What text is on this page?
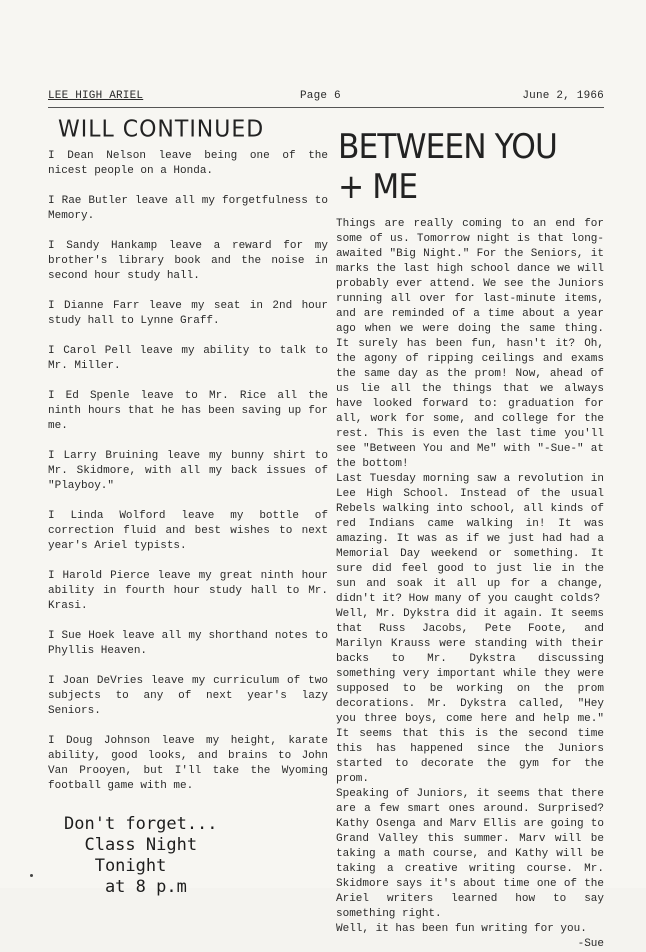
LEE HIGH ARIEL	Page 6	June 2, 1966
WILL CONTINUED

I Dean Nelson leave being one of the nicest people on a Honda.

I Rae Butler leave all my forgetfulness to Memory.

I Sandy Hankamp leave a reward for my brother's library book and the noise in second hour study hall.

I Dianne Farr leave my seat in 2nd hour study hall to Lynne Graff.

I Carol Pell leave my ability to talk to Mr. Miller.

I Ed Spenle leave to Mr. Rice all the ninth hours that he has been saving up for me.

I Larry Bruining leave my bunny shirt to Mr. Skidmore, with all my back issues of "Playboy."

I Linda Wolford leave my bottle of correction fluid and best wishes to next year's Ariel typists.

I Harold Pierce leave my great ninth hour ability in fourth hour study hall to Mr. Krasi.

I Sue Hoek leave all my shorthand notes to Phyllis Heaven.

I Joan DeVries leave my curriculum of two subjects to any of next year's lazy Seniors.

I Doug Johnson leave my height, karate ability, good looks, and brains to John Van Prooyen, but I'll take the Wyoming football game with me.

Don't forget...
Class Night
Tonight
at 8 p.m
BETWEEN YOU + ME

Things are really coming to an end for some of us. Tomorrow night is that long-awaited "Big Night." For the Seniors, it marks the last high school dance we will probably ever attend. We see the Juniors running all over for last-minute items, and are reminded of a time about a year ago when we were doing the same thing. It surely has been fun, hasn't it? Oh, the agony of ripping ceilings and exams the same day as the prom! Now, ahead of us lie all the things that we always have looked forward to: graduation for all, work for some, and college for the rest. This is even the last time you'll see "Between You and Me" with "-Sue-" at the bottom!

Last Tuesday morning saw a revolution in Lee High School. Instead of the usual Rebels walking into school, all kinds of red Indians came walking in! It was amazing. It was as if we just had had a Memorial Day weekend or something. It sure did feel good to just lie in the sun and soak it all up for a change, didn't it? How many of you caught colds?

Well, Mr. Dykstra did it again. It seems that Russ Jacobs, Pete Foote, and Marilyn Krauss were standing with their backs to Mr. Dykstra discussing something very important while they were supposed to be working on the prom decorations. Mr. Dykstra called, "Hey you three boys, come here and help me." It seems that this is the second time this has happened since the Juniors started to decorate the gym for the prom.

Speaking of Juniors, it seems that there are a few smart ones around. Surprised? Kathy Osenga and Marv Ellis are going to Grand Valley this summer. Marv will be taking a math course, and Kathy will be taking a creative writing course. Mr. Skidmore says it's about time one of the Ariel writers learned how to say something right.

Well, it has been fun writing for you.

-Sue
